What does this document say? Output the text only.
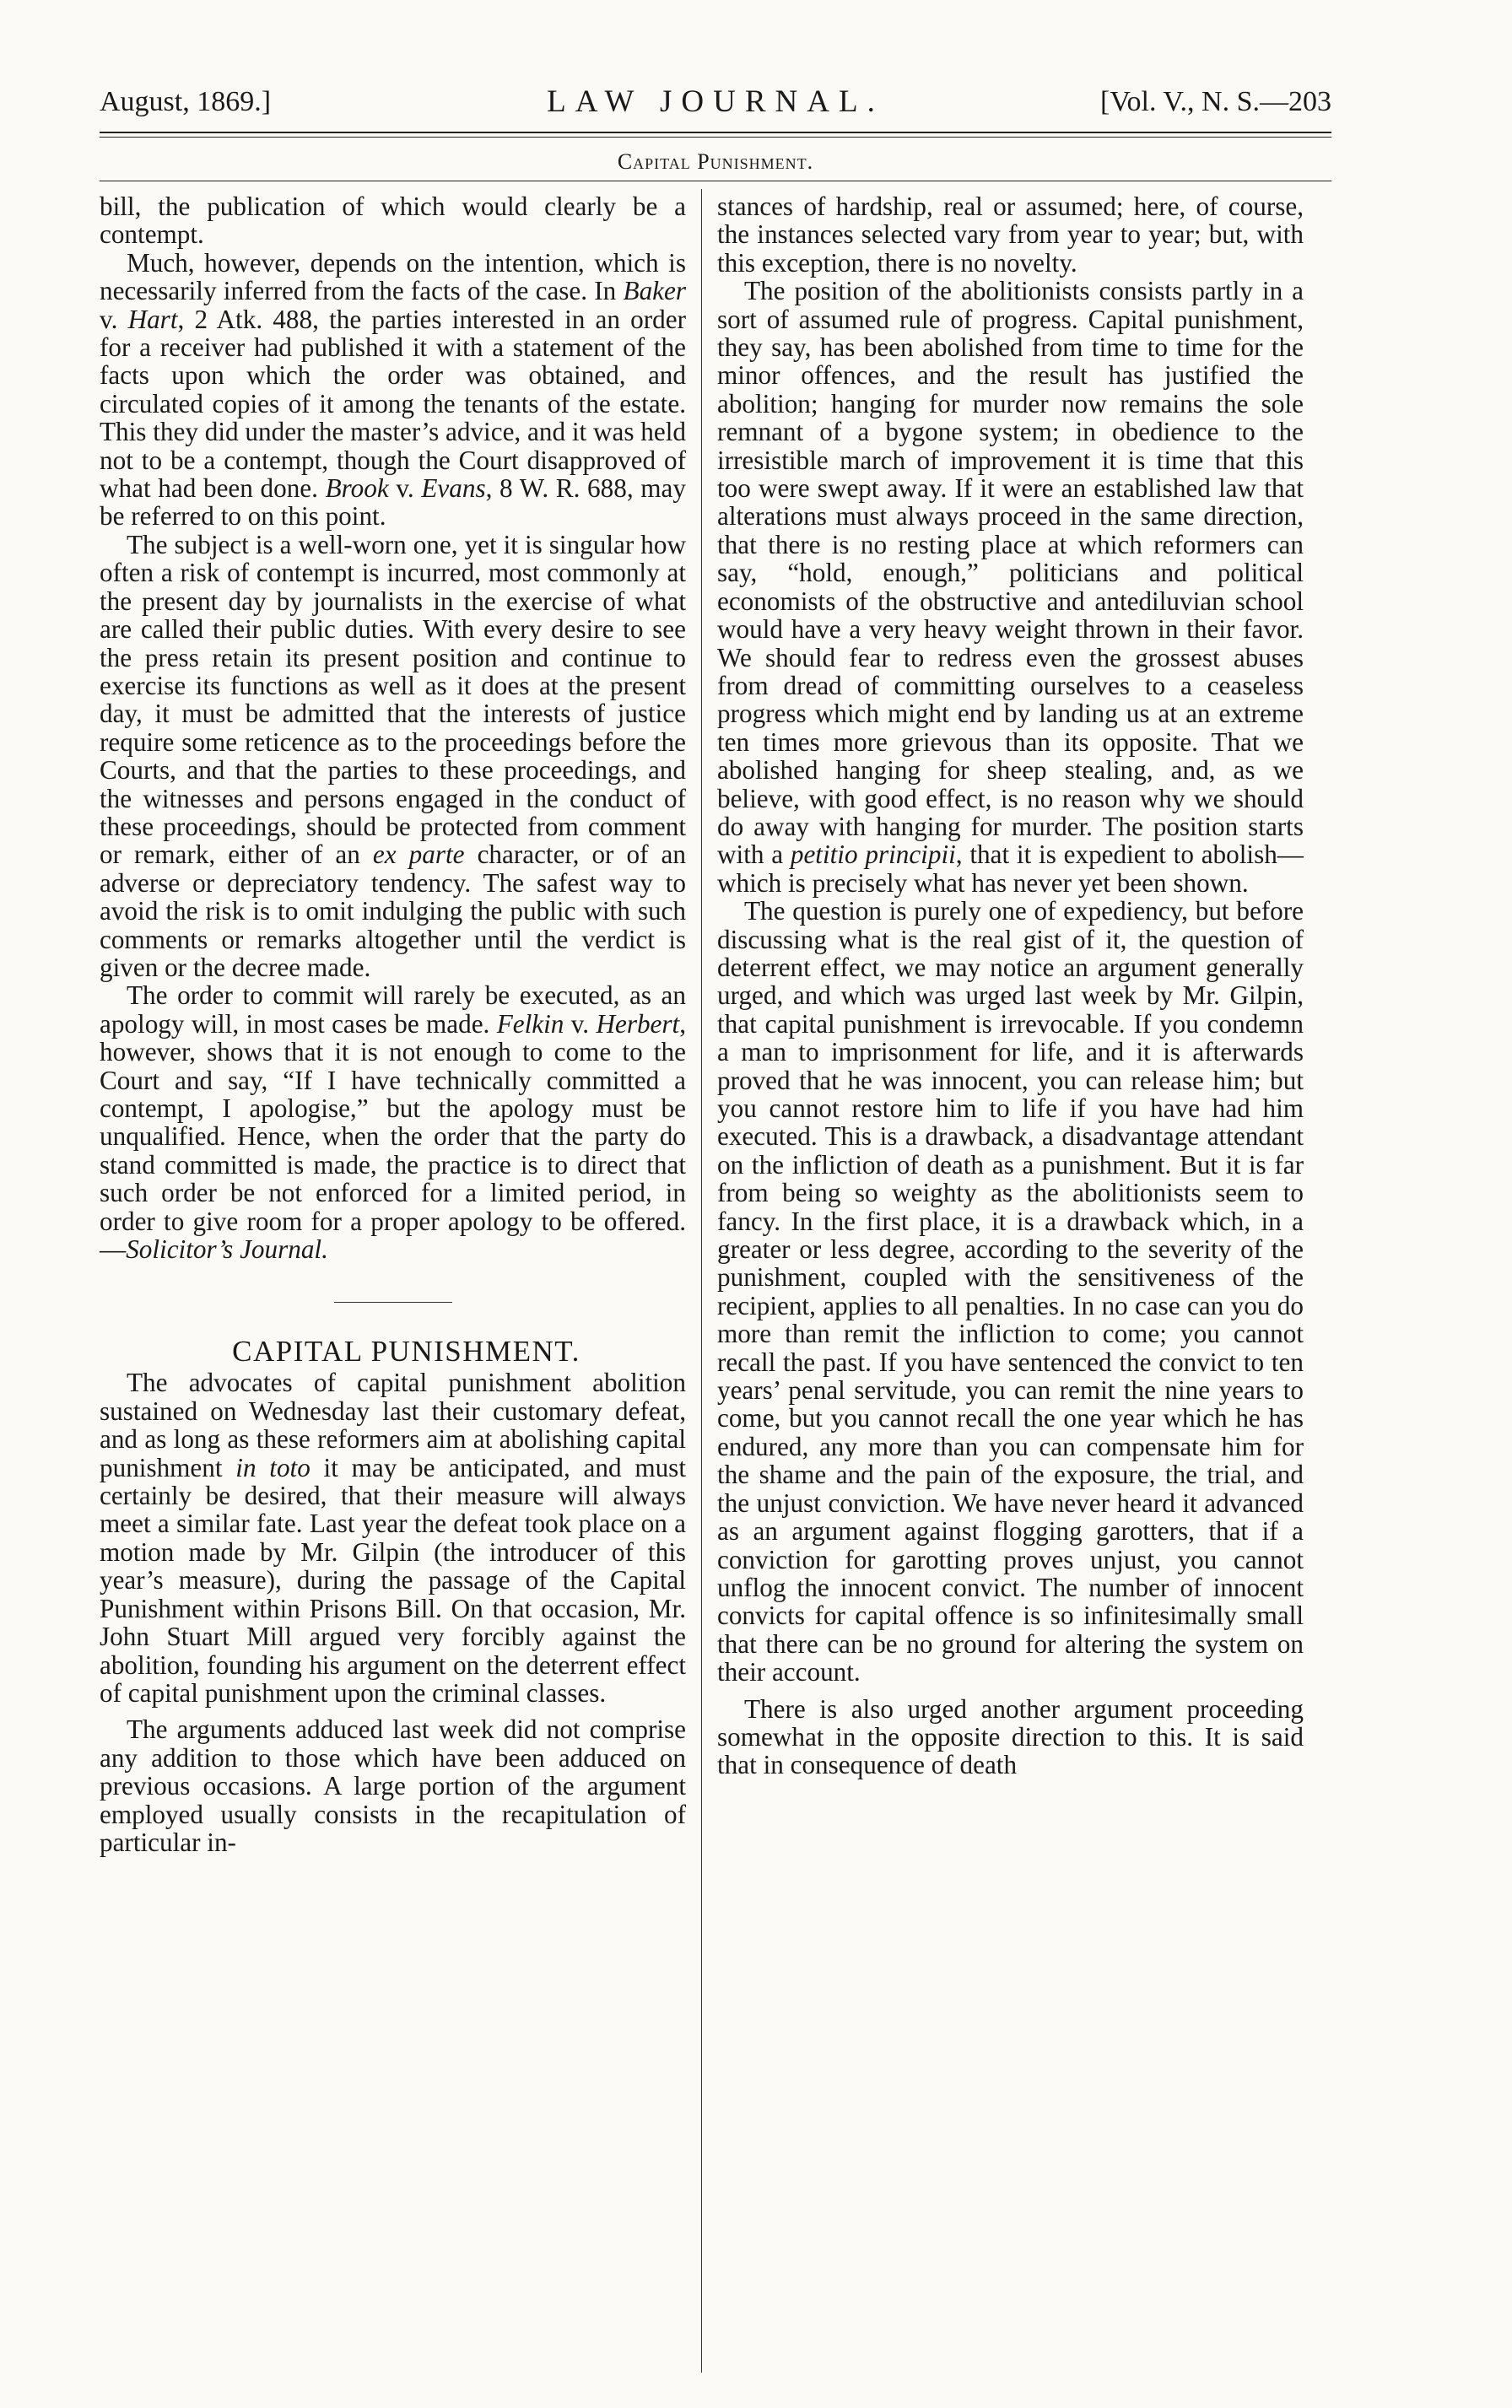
August, 1869.]	LAW JOURNAL.	[Vol. V., N. S.—203
Capital Punishment.

bill, the publication of which would clearly be a contempt.

Much, however, depends on the intention, which is necessarily inferred from the facts of the case. In Baker v. Hart, 2 Atk. 488, the parties interested in an order for a receiver had published it with a statement of the facts upon which the order was obtained, and circulated copies of it among the tenants of the estate. This they did under the master’s advice, and it was held not to be a contempt, though the Court disapproved of what had been done. Brook v. Evans, 8 W. R. 688, may be referred to on this point.

The subject is a well-worn one, yet it is singular how often a risk of contempt is incurred, most commonly at the present day by journalists in the exercise of what are called their public duties. With every desire to see the press retain its present position and continue to exercise its functions as well as it does at the present day, it must be admitted that the interests of justice require some reticence as to the proceedings before the Courts, and that the parties to these proceedings, and the witnesses and persons engaged in the conduct of these proceedings, should be protected from comment or remark, either of an ex parte character, or of an adverse or depreciatory tendency. The safest way to avoid the risk is to omit indulging the public with such comments or remarks altogether until the verdict is given or the decree made.

The order to commit will rarely be executed, as an apology will, in most cases be made. Felkin v. Herbert, however, shows that it is not enough to come to the Court and say, “If I have technically committed a contempt, I apologise,” but the apology must be unqualified. Hence, when the order that the party do stand committed is made, the practice is to direct that such order be not enforced for a limited period, in order to give room for a proper apology to be offered.—Solicitor’s Journal.

CAPITAL PUNISHMENT.

The advocates of capital punishment abolition sustained on Wednesday last their customary defeat, and as long as these reformers aim at abolishing capital punishment in toto it may be anticipated, and must certainly be desired, that their measure will always meet a similar fate. Last year the defeat took place on a motion made by Mr. Gilpin (the introducer of this year’s measure), during the passage of the Capital Punishment within Prisons Bill. On that occasion, Mr. John Stuart Mill argued very forcibly against the abolition, founding his argument on the deterrent effect of capital punishment upon the criminal classes.

The arguments adduced last week did not comprise any addition to those which have been adduced on previous occasions. A large portion of the argument employed usually consists in the recapitulation of particular in-

stances of hardship, real or assumed; here, of course, the instances selected vary from year to year; but, with this exception, there is no novelty.

The position of the abolitionists consists partly in a sort of assumed rule of progress. Capital punishment, they say, has been abolished from time to time for the minor offences, and the result has justified the abolition; hanging for murder now remains the sole remnant of a bygone system; in obedience to the irresistible march of improvement it is time that this too were swept away. If it were an established law that alterations must always proceed in the same direction, that there is no resting place at which reformers can say, “hold, enough,” politicians and political economists of the obstructive and antediluvian school would have a very heavy weight thrown in their favor. We should fear to redress even the grossest abuses from dread of committing ourselves to a ceaseless progress which might end by landing us at an extreme ten times more grievous than its opposite. That we abolished hanging for sheep stealing, and, as we believe, with good effect, is no reason why we should do away with hanging for murder. The position starts with a petitio principii, that it is expedient to abolish—which is precisely what has never yet been shown.

The question is purely one of expediency, but before discussing what is the real gist of it, the question of deterrent effect, we may notice an argument generally urged, and which was urged last week by Mr. Gilpin, that capital punishment is irrevocable. If you condemn a man to imprisonment for life, and it is afterwards proved that he was innocent, you can release him; but you cannot restore him to life if you have had him executed. This is a drawback, a disadvantage attendant on the infliction of death as a punishment. But it is far from being so weighty as the abolitionists seem to fancy. In the first place, it is a drawback which, in a greater or less degree, according to the severity of the punishment, coupled with the sensitiveness of the recipient, applies to all penalties. In no case can you do more than remit the infliction to come; you cannot recall the past. If you have sentenced the convict to ten years’ penal servitude, you can remit the nine years to come, but you cannot recall the one year which he has endured, any more than you can compensate him for the shame and the pain of the exposure, the trial, and the unjust conviction. We have never heard it advanced as an argument against flogging garotters, that if a conviction for garotting proves unjust, you cannot unflog the innocent convict. The number of innocent convicts for capital offence is so infinitesimally small that there can be no ground for altering the system on their account.

There is also urged another argument proceeding somewhat in the opposite direction to this. It is said that in consequence of death
